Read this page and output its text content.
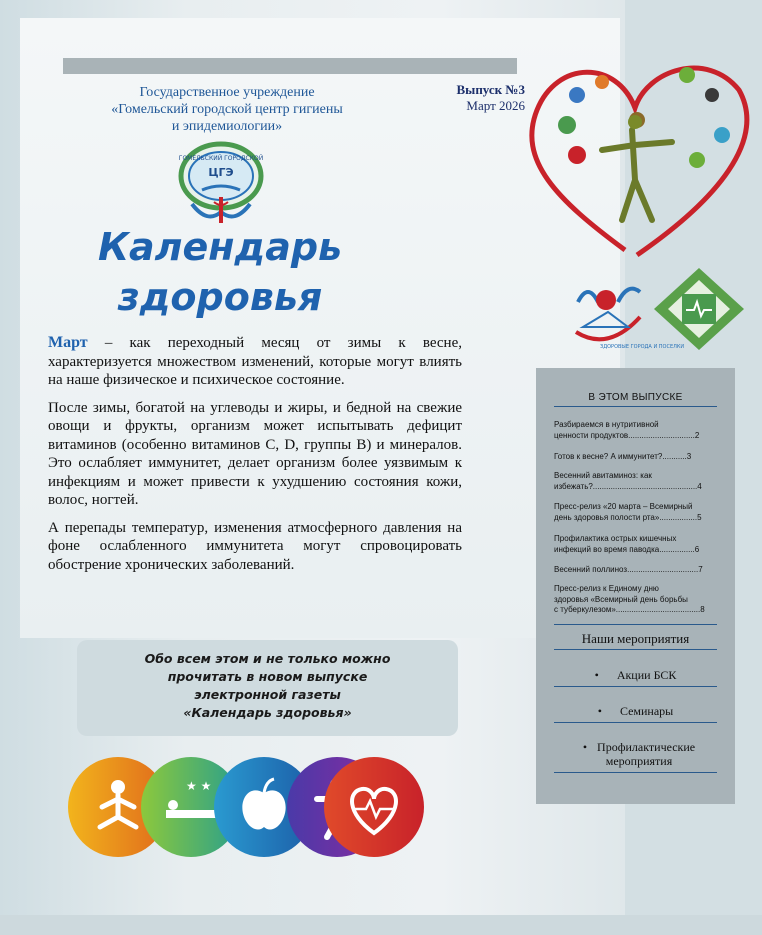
Государственное учреждение
«Гомельский городской центр гигиены
и эпидемиологии»
Выпуск №3
Март 2026
ГОМЕЛЬСКИЙ ГОРОДСКОЙ
ЦГЭ
Календарь
здоровья
ЗДОРОВЫЕ ГОРОДА И ПОСЕЛКИ

Март – как переходный месяц от зимы к весне, характеризуется множеством изменений, которые могут влиять на наше физическое и психическое состояние.

После зимы, богатой на углеводы и жиры, и бедной на свежие овощи и фрукты, организм может испытывать дефицит витаминов (особенно витаминов С, D, группы В) и минералов. Это ослабляет иммунитет, делает организм более уязвимым к инфекциям и может привести к ухудшению состояния кожи, волос, ногтей.

А перепады температур, изменения атмосферного давления на фоне ослабленного иммунитета могут спровоцировать обострение хронических заболеваний.

Обо всем этом и не только можно
прочитать в новом выпуске
электронной газеты
«Календарь здоровья»
★ ★
В ЭТОМ ВЫПУСКЕ
Разбираемся в нутритивной
ценности продуктов..............................2
Готов к весне? А иммунитет?...........3
Весенний авитаминоз: как
избежать?...............................................4
Пресс-релиз «20 марта – Всемирный
день здоровья полости рта».................5
Профилактика острых кишечных
инфекций во время паводка................6
Весенний поллиноз................................7
Пресс-релиз к Единому дню
здоровья «Всемирный день борьбы
с туберкулезом»......................................8
Наши мероприятия
• Акции БСК
• Семинары
• Профилактические мероприятия
